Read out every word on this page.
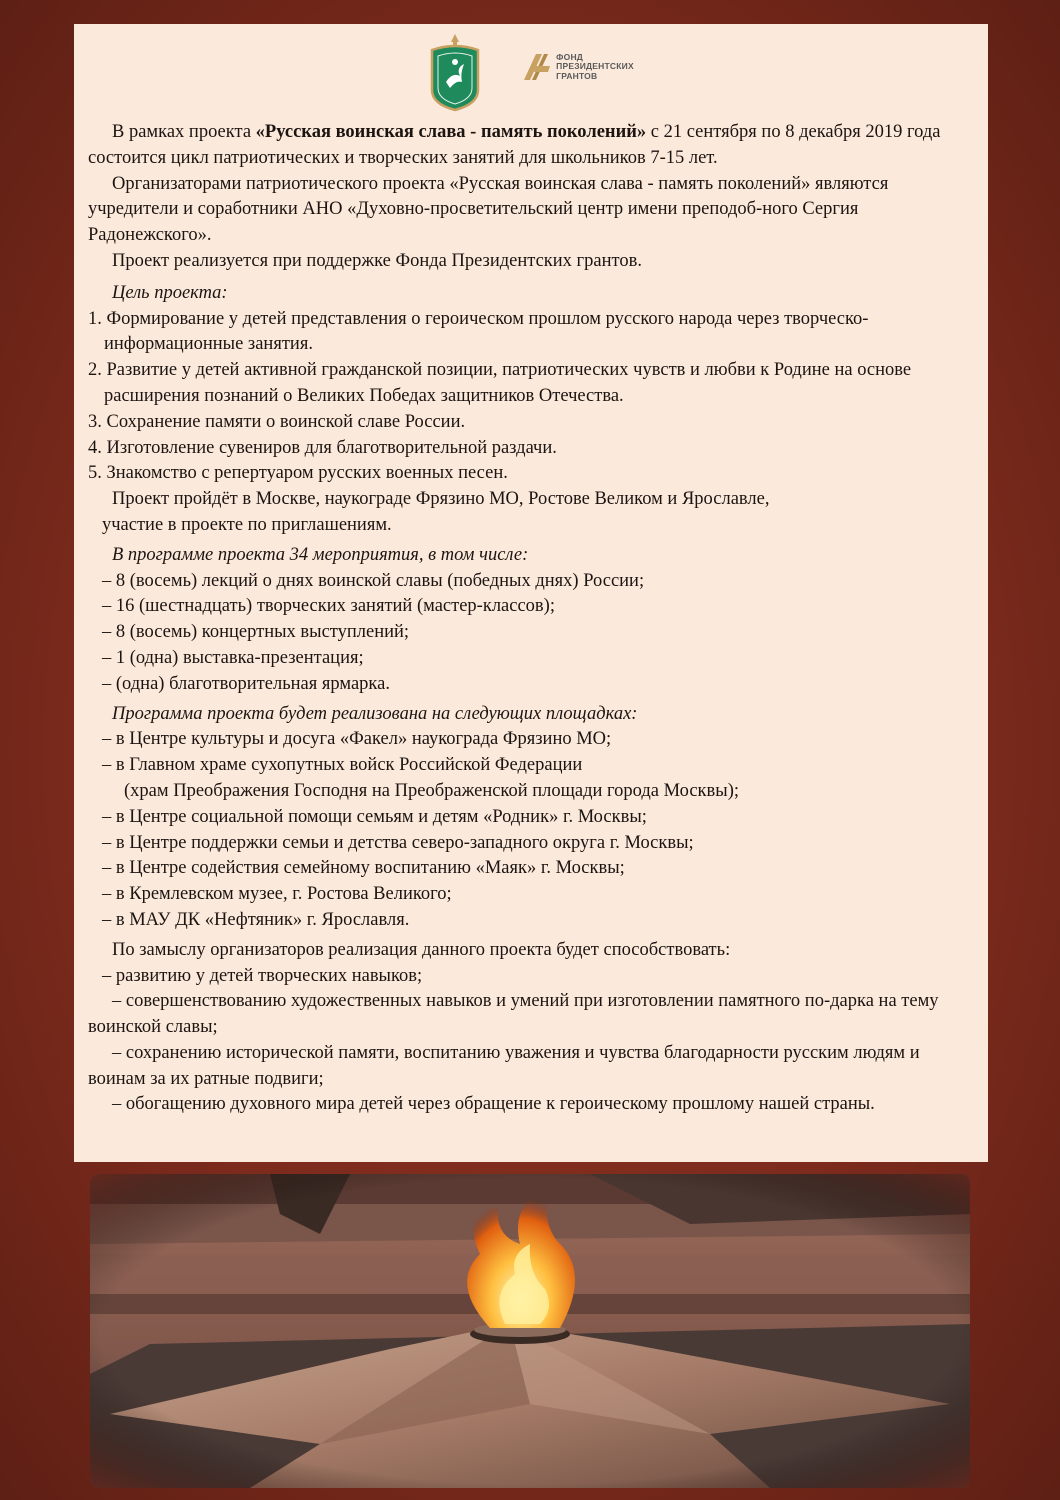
ФОНД
ПРЕЗИДЕНТСКИХ
ГРАНТОВ

В рамках проекта «Русская воинская слава - память поколений» с 21 сентября по 8 декабря 2019 года состоится цикл патриотических и творческих занятий для школьников 7-15 лет.

Организаторами патриотического проекта «Русская воинская слава - память поколений» являются учредители и соработники АНО «Духовно-просветительский центр имени преподоб-ного Сергия Радонежского».

Проект реализуется при поддержке Фонда Президентских грантов.

Цель проекта:

1. Формирование у детей представления о героическом прошлом русского народа через творческо-информационные занятия.

2. Развитие у детей активной гражданской позиции, патриотических чувств и любви к Родине на основе расширения познаний о Великих Победах защитников Отечества.

3. Сохранение памяти о воинской славе России.

4. Изготовление сувениров для благотворительной раздачи.

5. Знакомство с репертуаром русских военных песен.

Проект пройдёт в Москве, наукограде Фрязино МО, Ростове Великом и Ярославле,

участие в проекте по приглашениям.

В программе проекта 34 мероприятия, в том числе:

– 8 (восемь) лекций о днях воинской славы (победных днях) России;

– 16 (шестнадцать) творческих занятий (мастер-классов);

– 8 (восемь) концертных выступлений;

– 1 (одна) выставка-презентация;

– (одна) благотворительная ярмарка.

Программа проекта будет реализована на следующих площадках:

– в Центре культуры и досуга «Факел» наукограда Фрязино МО;

– в Главном храме сухопутных войск Российской Федерации

(храм Преображения Господня на Преображенской площади города Москвы);

– в Центре социальной помощи семьям и детям «Родник» г. Москвы;

– в Центре поддержки семьи и детства северо-западного округа г. Москвы;

– в Центре содействия семейному воспитанию «Маяк» г. Москвы;

– в Кремлевском музее, г. Ростова Великого;

– в МАУ ДК «Нефтяник» г. Ярославля.

По замыслу организаторов реализация данного проекта будет способствовать:

– развитию у детей творческих навыков;

– совершенствованию художественных навыков и умений при изготовлении памятного по-дарка на тему воинской славы;

– сохранению исторической памяти, воспитанию уважения и чувства благодарности русским людям и воинам за их ратные подвиги;

– обогащению духовного мира детей через обращение к героическому прошлому нашей страны.
